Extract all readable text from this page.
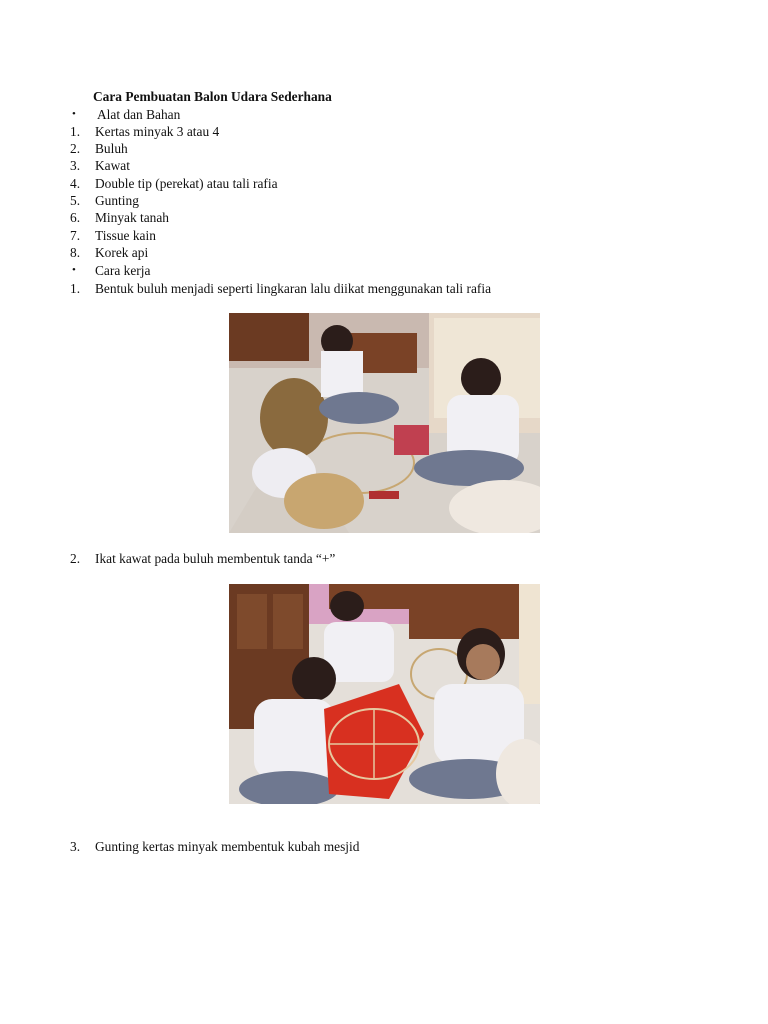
Cara Pembuatan Balon Udara Sederhana
• Alat dan Bahan
1. Kertas minyak 3 atau 4
2. Buluh
3. Kawat
4. Double tip (perekat) atau tali rafia
5. Gunting
6. Minyak tanah
7. Tissue kain
8. Korek api
• Cara kerja
1. Bentuk buluh menjadi seperti lingkaran lalu diikat menggunakan tali rafia
2. Ikat kawat pada buluh membentuk tanda “+”
3. Gunting kertas minyak membentuk kubah mesjid
